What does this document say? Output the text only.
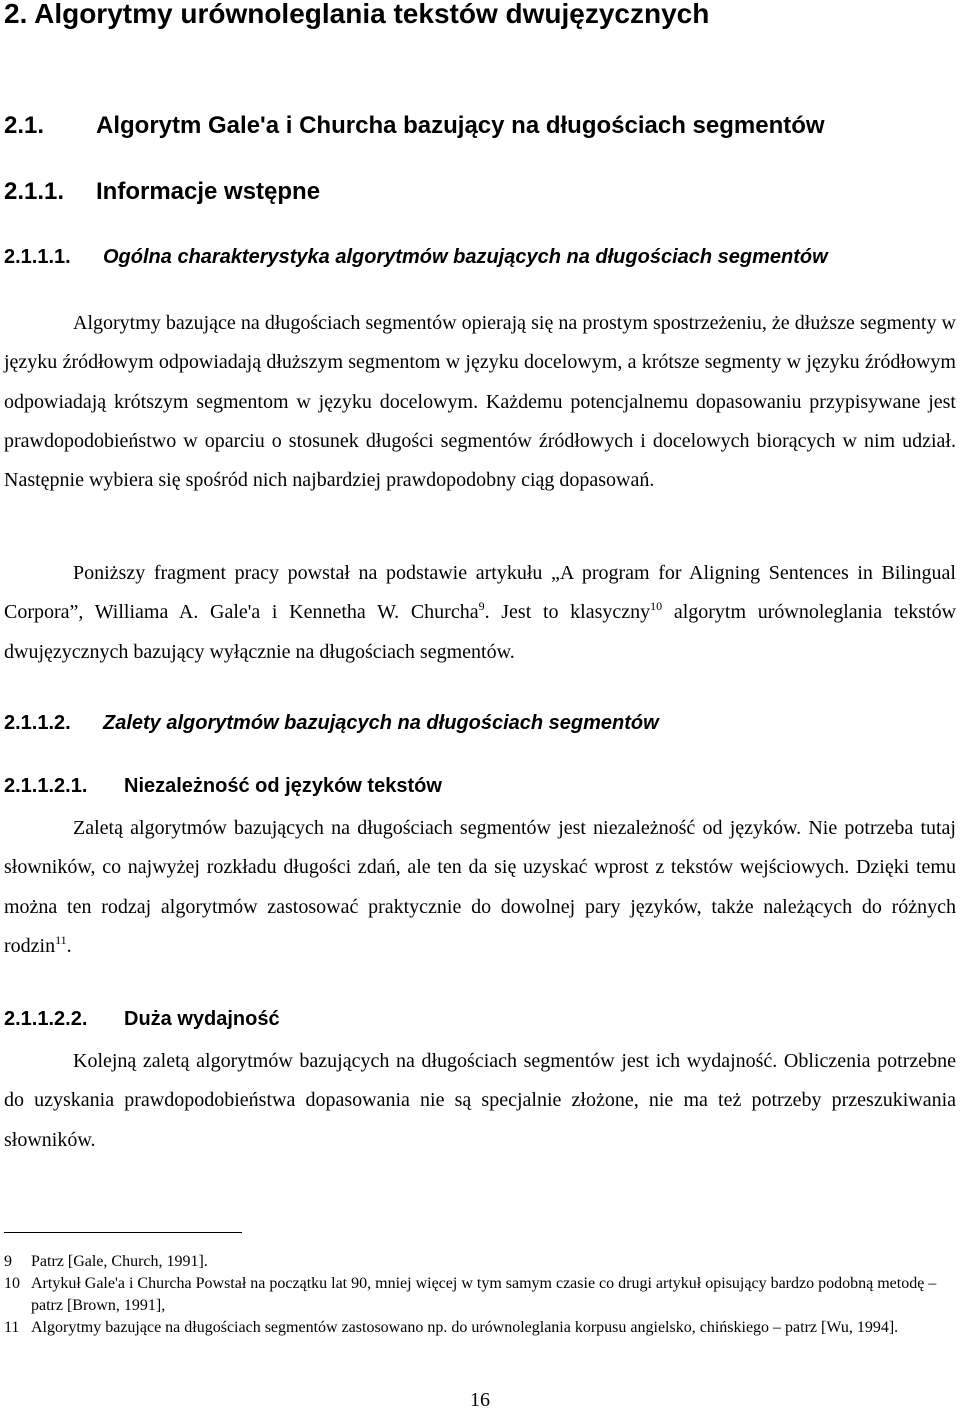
2. Algorytmy urównoleglania tekstów dwujęzycznych
2.1. Algorytm Gale'a i Churcha bazujący na długościach segmentów
2.1.1. Informacje wstępne
2.1.1.1. Ogólna charakterystyka algorytmów bazujących na długościach segmentów

Algorytmy bazujące na długościach segmentów opierają się na prostym spostrzeżeniu, że dłuższe segmenty w języku źródłowym odpowiadają dłuższym segmentom w języku docelowym, a krótsze segmenty w języku źródłowym odpowiadają krótszym segmentom w języku docelowym. Każdemu potencjalnemu dopasowaniu przypisywane jest prawdopodobieństwo w oparciu o stosunek długości segmentów źródłowych i docelowych biorących w nim udział. Następnie wybiera się spośród nich najbardziej prawdopodobny ciąg dopasowań.

Poniższy fragment pracy powstał na podstawie artykułu „A program for Aligning Sentences in Bilingual Corpora”, Williama A. Gale'a i Kennetha W. Churcha$^9$. Jest to klasyczny$^{10}$ algorytm urównoleglania tekstów dwujęzycznych bazujący wyłącznie na długościach segmentów.

2.1.1.2. Zalety algorytmów bazujących na długościach segmentów
2.1.1.2.1. Niezależność od języków tekstów

Zaletą algorytmów bazujących na długościach segmentów jest niezależność od języków. Nie potrzeba tutaj słowników, co najwyżej rozkładu długości zdań, ale ten da się uzyskać wprost z tekstów wejściowych. Dzięki temu można ten rodzaj algorytmów zastosować praktycznie do dowolnej pary języków, także należących do różnych rodzin$^{11}$.

2.1.1.2.2. Duża wydajność

Kolejną zaletą algorytmów bazujących na długościach segmentów jest ich wydajność. Obliczenia potrzebne do uzyskania prawdopodobieństwa dopasowania nie są specjalnie złożone, nie ma też potrzeby przeszukiwania słowników.

9	Patrz [Gale, Church, 1991].
10 Artykuł Gale'a i Churcha Powstał na początku lat 90, mniej więcej w tym samym czasie co drugi artykuł opisujący bardzo podobną metodę – patrz [Brown, 1991],
11 Algorytmy bazujące na długościach segmentów zastosowano np. do urównoleglania korpusu angielsko, chińskiego – patrz [Wu, 1994].
16
